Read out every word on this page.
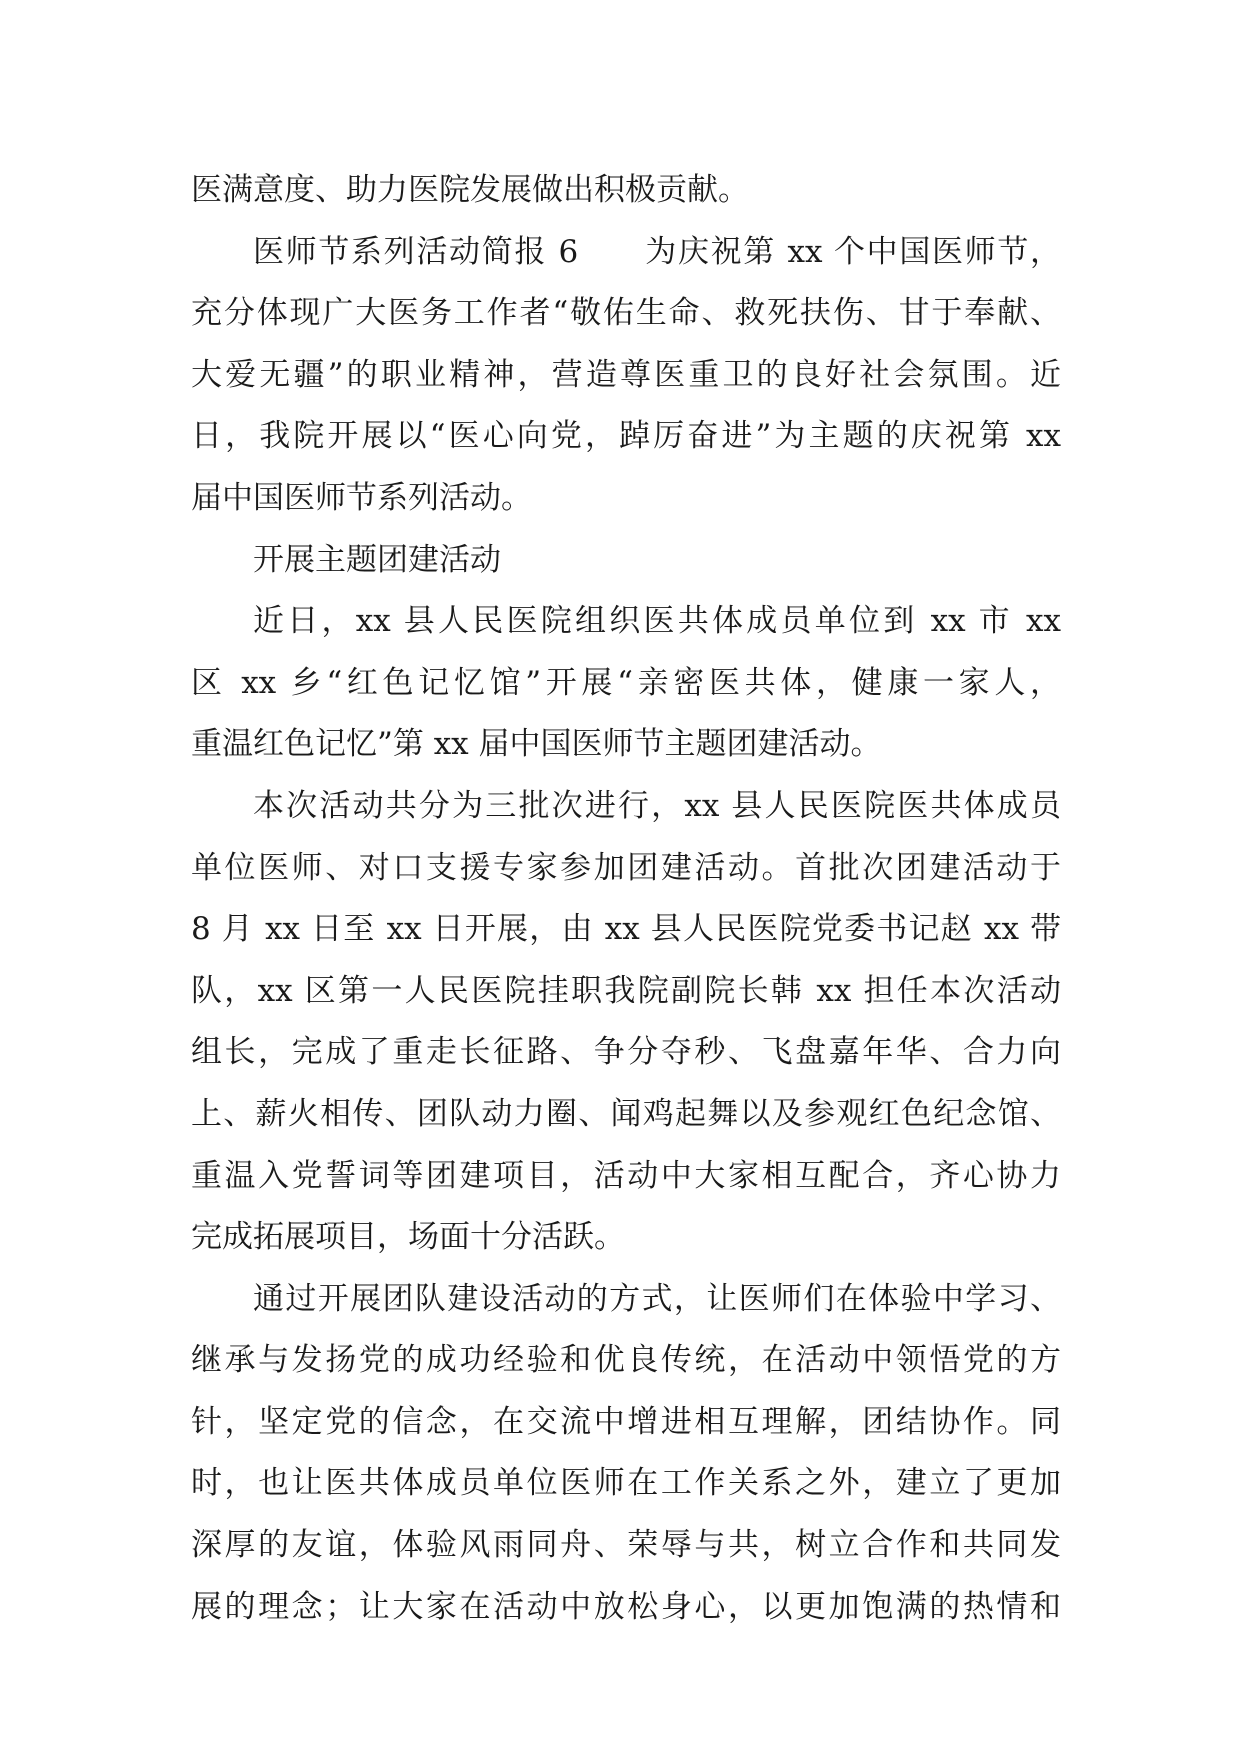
医满意度、助力医院发展做出积极贡献。
医师节系列活动简报 6　　为庆祝第 xx 个中国医师节，
充分体现广大医务工作者“敬佑生命、救死扶伤、甘于奉献、
大爱无疆”的职业精神，营造尊医重卫的良好社会氛围。近
日，我院开展以“医心向党，踔厉奋进”为主题的庆祝第 xx
届中国医师节系列活动。
开展主题团建活动
近日，xx 县人民医院组织医共体成员单位到 xx 市 xx
区 xx 乡“红色记忆馆”开展“亲密医共体，健康一家人，
重温红色记忆”第 xx 届中国医师节主题团建活动。
本次活动共分为三批次进行，xx 县人民医院医共体成员
单位医师、对口支援专家参加团建活动。首批次团建活动于
8 月 xx 日至 xx 日开展，由 xx 县人民医院党委书记赵 xx 带
队，xx 区第一人民医院挂职我院副院长韩 xx 担任本次活动
组长，完成了重走长征路、争分夺秒、飞盘嘉年华、合力向
上、薪火相传、团队动力圈、闻鸡起舞以及参观红色纪念馆、
重温入党誓词等团建项目，活动中大家相互配合，齐心协力
完成拓展项目，场面十分活跃。
通过开展团队建设活动的方式，让医师们在体验中学习、
继承与发扬党的成功经验和优良传统，在活动中领悟党的方
针，坚定党的信念，在交流中增进相互理解，团结协作。同
时，也让医共体成员单位医师在工作关系之外，建立了更加
深厚的友谊，体验风雨同舟、荣辱与共，树立合作和共同发
展的理念；让大家在活动中放松身心，以更加饱满的热情和
